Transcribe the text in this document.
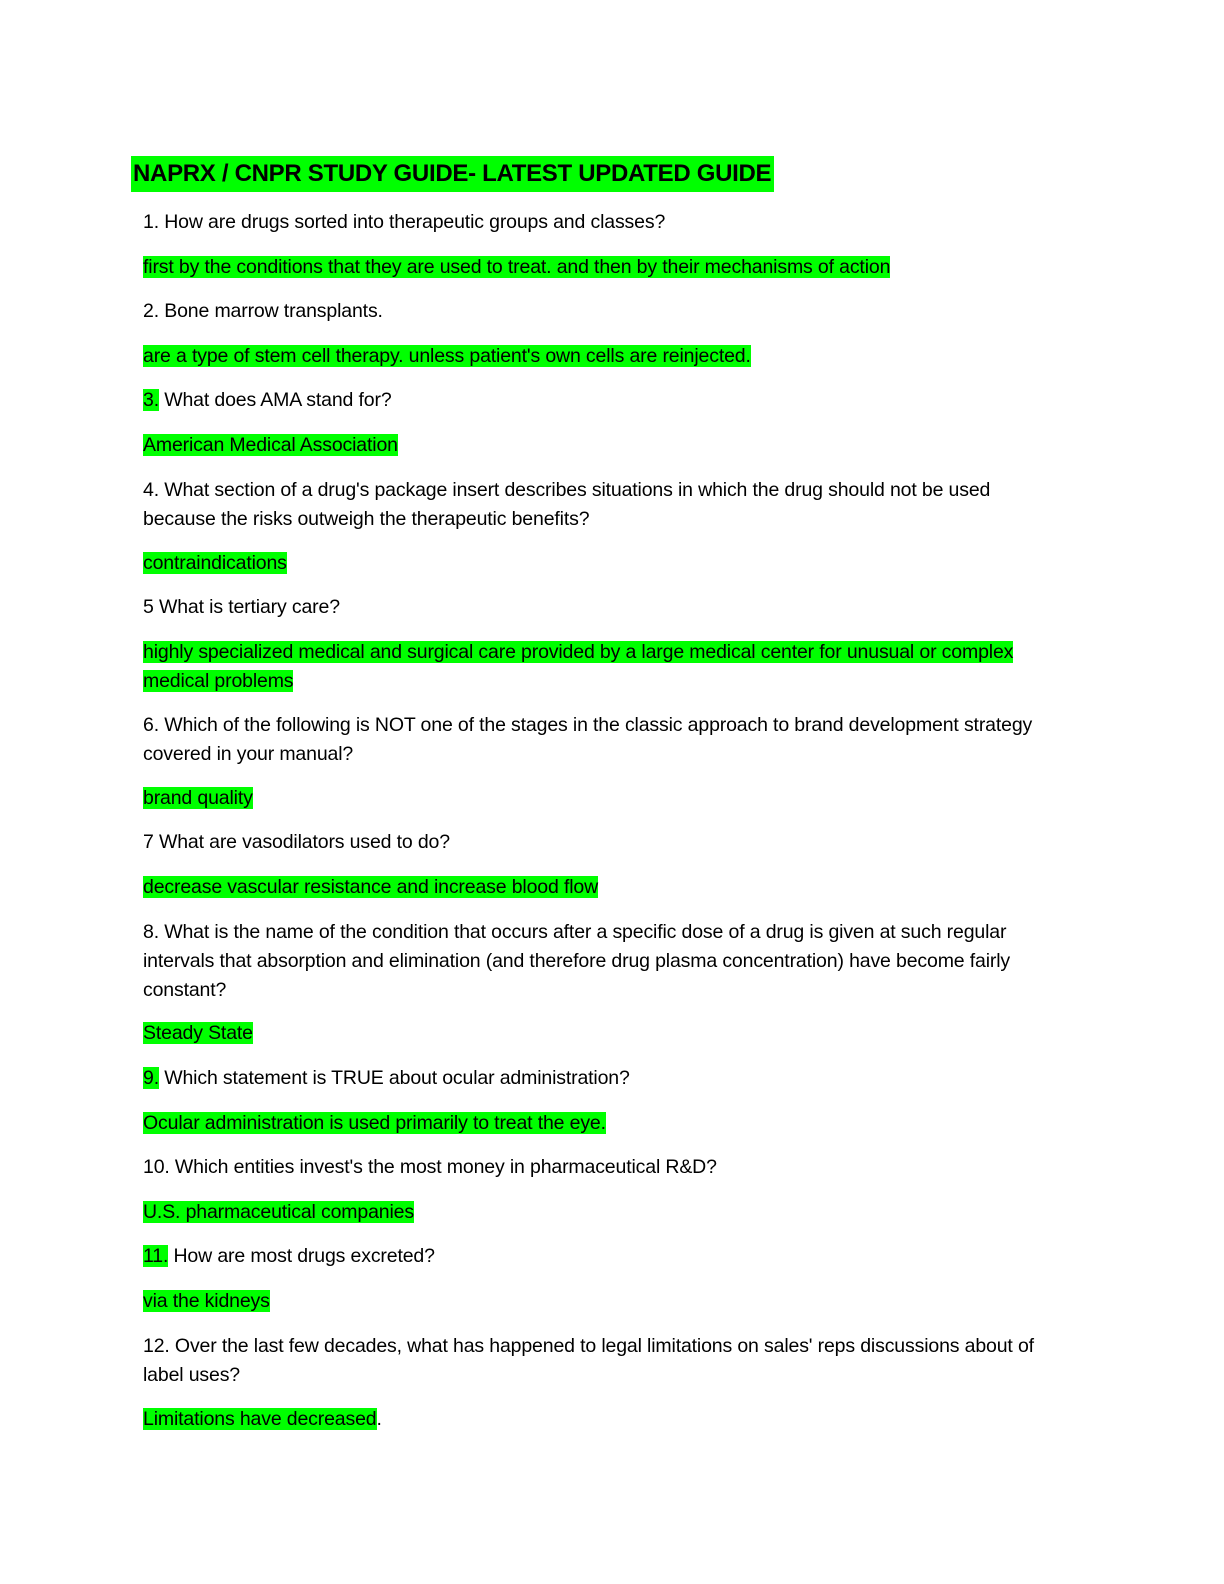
NAPRX / CNPR STUDY GUIDE- LATEST UPDATED GUIDE
1. How are drugs sorted into therapeutic groups and classes?
first by the conditions that they are used to treat. and then by their mechanisms of action
2. Bone marrow transplants.
are a type of stem cell therapy. unless patient's own cells are reinjected.
3. What does AMA stand for?
American Medical Association
4. What section of a drug's package insert describes situations in which the drug should not be used
because the risks outweigh the therapeutic benefits?
contraindications
5 What is tertiary care?
highly specialized medical and surgical care provided by a large medical center for unusual or complex
medical problems
6. Which of the following is NOT one of the stages in the classic approach to brand development strategy
covered in your manual?
brand quality
7 What are vasodilators used to do?
decrease vascular resistance and increase blood flow
8. What is the name of the condition that occurs after a specific dose of a drug is given at such regular
intervals that absorption and elimination (and therefore drug plasma concentration) have become fairly
constant?
Steady State
9. Which statement is TRUE about ocular administration?
Ocular administration is used primarily to treat the eye.
10. Which entities invest's the most money in pharmaceutical R&D?
U.S. pharmaceutical companies
11. How are most drugs excreted?
via the kidneys
12. Over the last few decades, what has happened to legal limitations on sales' reps discussions about of
label uses?
Limitations have decreased.
